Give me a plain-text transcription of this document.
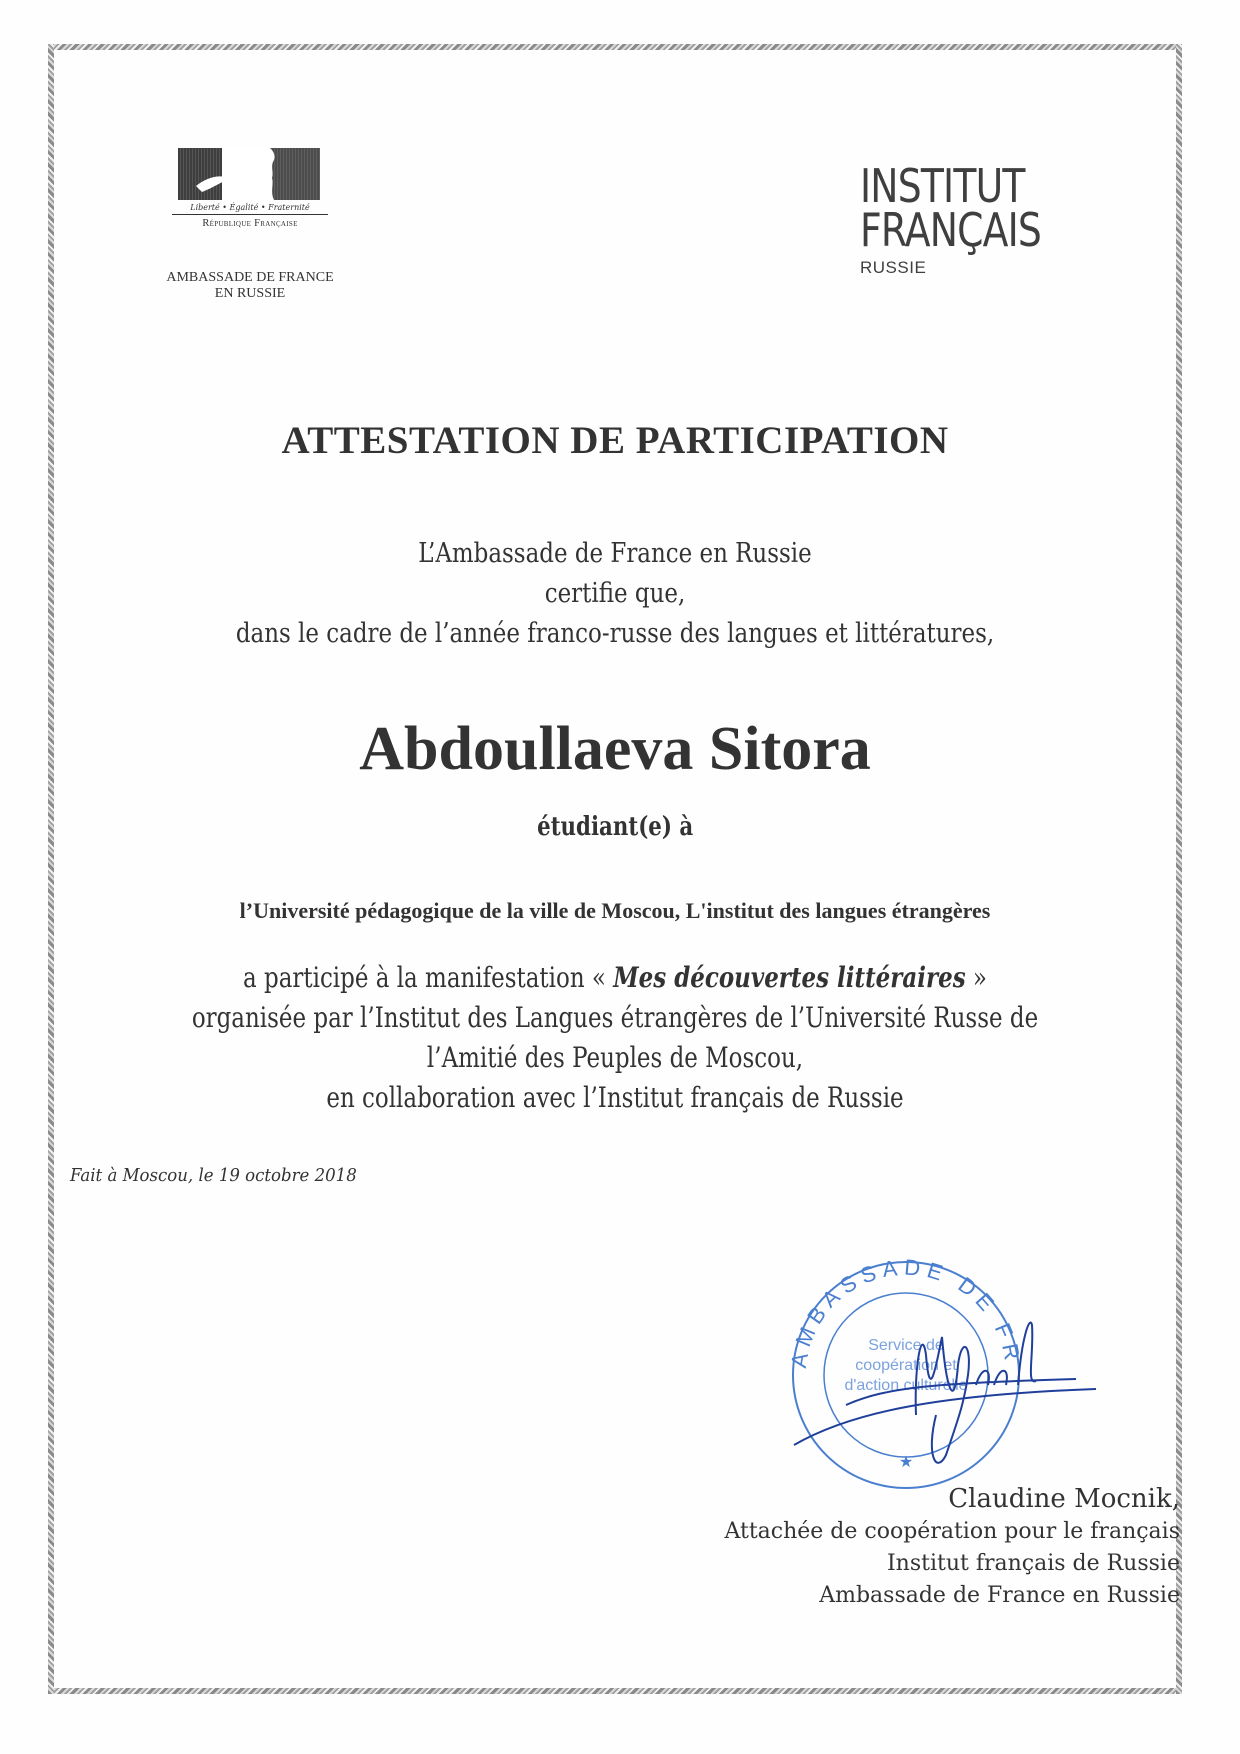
Liberté • Égalité • Fraternité
République Française
AMBASSADE DE FRANCE
EN RUSSIE
INSTITUT
FRANÇAIS
RUSSIE
ATTESTATION DE PARTICIPATION
L’Ambassade de France en Russie
certifie que,
dans le cadre de l’année franco-russe des langues et littératures,
Abdoullaeva Sitora
étudiant(e) à
l’Université pédagogique de la ville de Moscou, L'institut des langues étrangères
a participé à la manifestation « Mes découvertes littéraires »
organisée par l’Institut des Langues étrangères de l’Université Russe de
l’Amitié des Peuples de Moscou,
en collaboration avec l’Institut français de Russie
Fait à Moscou, le 19 octobre 2018
AMBASSADE DE FR
★
Service de
coopération et
d'action culturelle
Claudine Mocnik,
Attachée de coopération pour le français
Institut français de Russie
Ambassade de France en Russie
